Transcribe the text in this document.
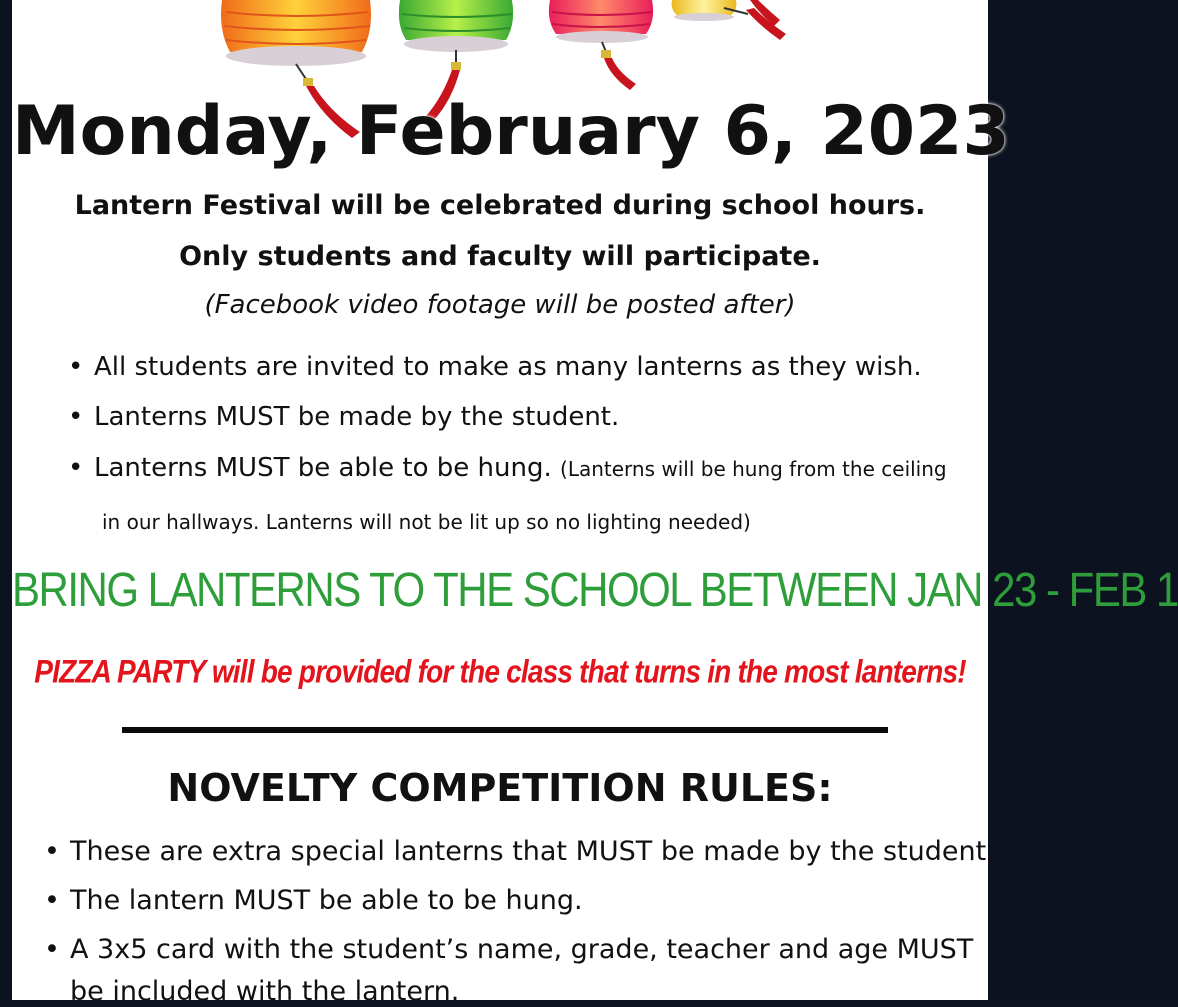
Monday, February 6, 2023
Lantern Festival will be celebrated during school hours.
Only students and faculty will participate.
(Facebook video footage will be posted after)
• All students are invited to make as many lanterns as they wish.
• Lanterns MUST be made by the student.
• Lanterns MUST be able to be hung. (Lanterns will be hung from the ceiling
in our hallways. Lanterns will not be lit up so no lighting needed)
BRING LANTERNS TO THE SCHOOL BETWEEN JAN 23 - FEB 1
PIZZA PARTY will be provided for the class that turns in the most lanterns!
NOVELTY COMPETITION RULES:
• These are extra special lanterns that MUST be made by the student.
• The lantern MUST be able to be hung.
• A 3x5 card with the student’s name, grade, teacher and age MUST
be included with the lantern.
